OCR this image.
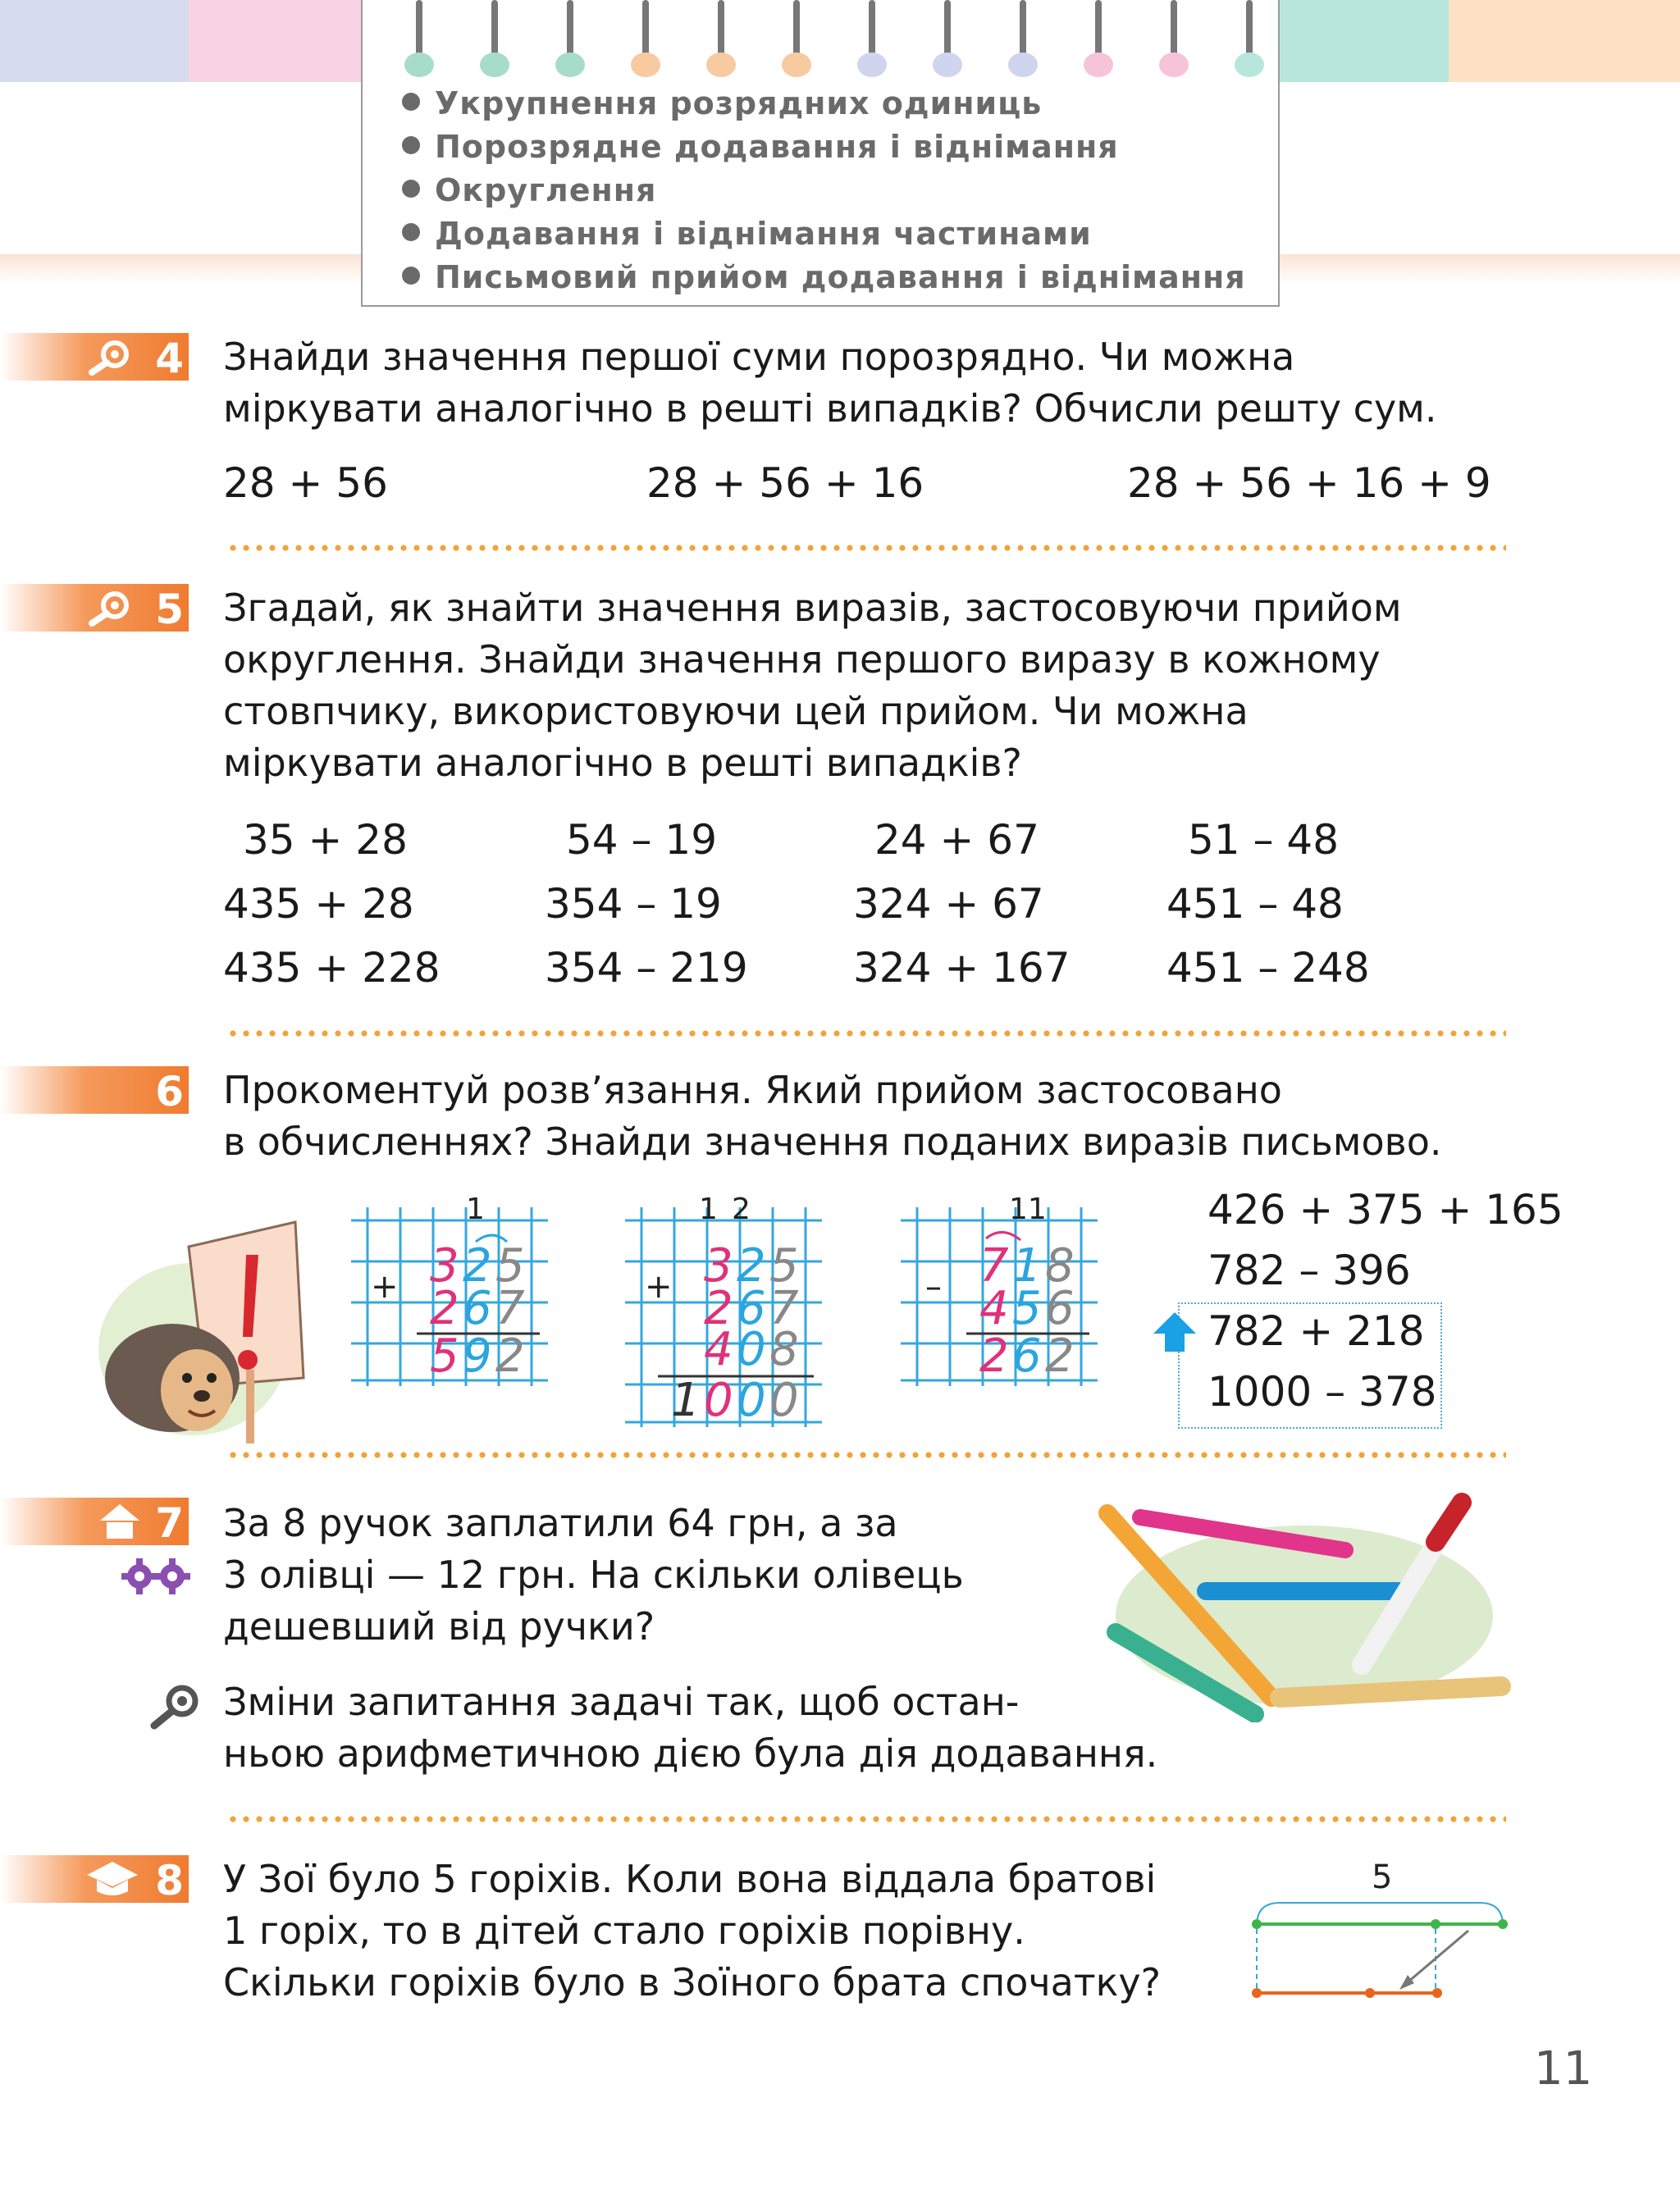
Укрупнення розрядних одиниць
Порозрядне додавання і віднімання
Округлення
Додавання і віднімання частинами
Письмовий прийом додавання і віднімання
4 Знайди значення першої суми порозрядно. Чи можна
міркувати аналогічно в решті випадків? Обчисли решту сум.
28 + 56	28 + 56 + 16	28 + 56 + 16 + 9
5 Згадай, як знайти значення виразів, застосовуючи прийом
округлення. Знайди значення першого виразу в кожному
стовпчику, використовуючи цей прийом. Чи можна
міркувати аналогічно в решті випадків?
35 + 28
435 + 28
435 + 228
54 – 19
354 – 19
354 – 219
24 + 67
324 + 67
324 + 167
51 – 48
451 – 48
451 – 248
6 Прокоментуй розв’язання. Який прийом застосовано
в обчисленнях? Знайди значення поданих виразів письмово.
1
+ 3 2 5
2 6 7
5 9 2
1 2
+ 3 2 5
2 6 7
4 0 8
1 0 0 0
11
– 7 1 8
4 5 6
2 6 2
426 + 375 + 165
782 – 396
782 + 218
1000 – 378
7 За 8 ручок заплатили 64 грн, а за
3 олівці — 12 грн. На скільки олівець
дешевший від ручки?
Зміни запитання задачі так, щоб остан-
ньою арифметичною дією була дія додавання.
8 У Зої було 5 горіхів. Коли вона віддала братові
1 горіх, то в дітей стало горіхів порівну.
Скільки горіхів було в Зоїного брата спочатку?
5
11
